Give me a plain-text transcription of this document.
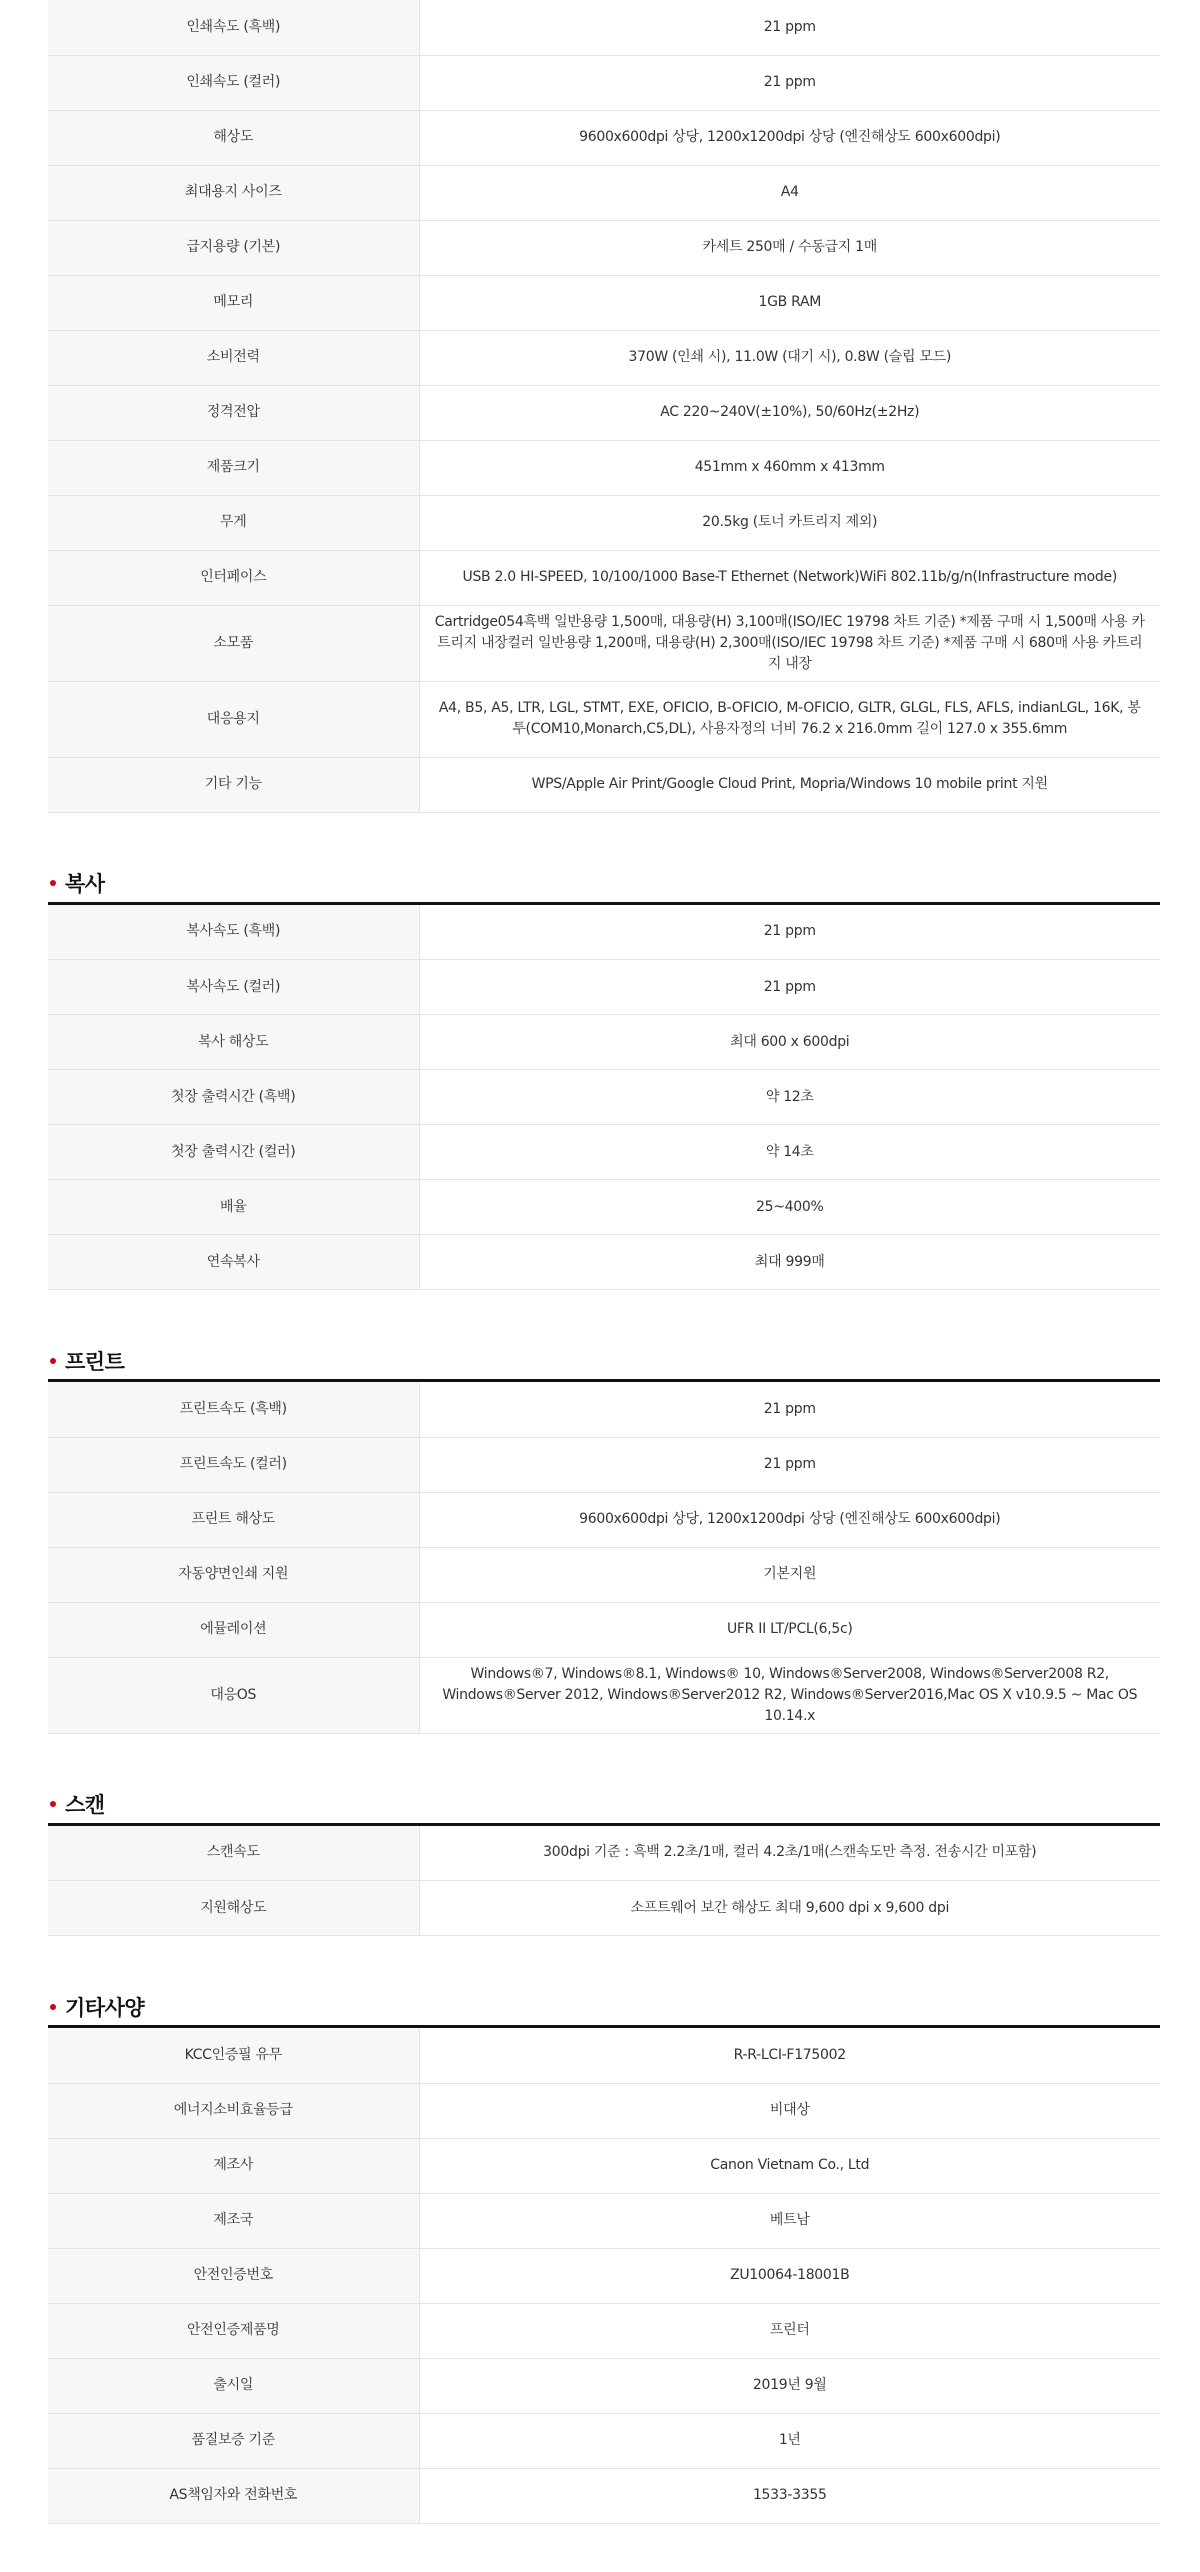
인쇄속도 (흑백)	21 ppm
인쇄속도 (컬러)	21 ppm
해상도	9600x600dpi 상당, 1200x1200dpi 상당 (엔진해상도 600x600dpi)
최대용지 사이즈	A4
급지용량 (기본)	카세트 250매 / 수동급지 1매
메모리	1GB RAM
소비전력	370W (인쇄 시), 11.0W (대기 시), 0.8W (슬립 모드)
정격전압	AC 220~240V(±10%), 50/60Hz(±2Hz)
제품크기	451mm x 460mm x 413mm
무게	20.5kg (토너 카트리지 제외)
인터페이스	USB 2.0 HI-SPEED, 10/100/1000 Base-T Ethernet (Network)WiFi 802.11b/g/n(Infrastructure mode)
소모품	Cartridge054흑백 일반용량 1,500매, 대용량(H) 3,100매(ISO/IEC 19798 차트 기준) *제품 구매 시 1,500매 사용 카트리지 내장컬러 일반용량 1,200매, 대용량(H) 2,300매(ISO/IEC 19798 차트 기준) *제품 구매 시 680매 사용 카트리지 내장
대응용지	A4, B5, A5, LTR, LGL, STMT, EXE, OFICIO, B-OFICIO, M-OFICIO, GLTR, GLGL, FLS, AFLS, indianLGL, 16K, 봉투(COM10,Monarch,C5,DL), 사용자정의 너비 76.2 x 216.0mm 길이 127.0 x 355.6mm
기타 기능	WPS/Apple Air Print/Google Cloud Print, Mopria/Windows 10 mobile print 지원
복사
복사속도 (흑백)	21 ppm
복사속도 (컬러)	21 ppm
복사 해상도	최대 600 x 600dpi
첫장 출력시간 (흑백)	약 12초
첫장 출력시간 (컬러)	약 14초
배율	25~400%
연속복사	최대 999매
프린트
프린트속도 (흑백)	21 ppm
프린트속도 (컬러)	21 ppm
프린트 해상도	9600x600dpi 상당, 1200x1200dpi 상당 (엔진해상도 600x600dpi)
자동양면인쇄 지원	기본지원
에뮬레이션	UFR II LT/PCL(6,5c)
대응OS	Windows®7, Windows®8.1, Windows® 10, Windows®Server2008, Windows®Server2008 R2, Windows®Server 2012, Windows®Server2012 R2, Windows®Server2016,Mac OS X v10.9.5 ~ Mac OS 10.14.x
스캔
스캔속도	300dpi 기준 : 흑백 2.2초/1매, 컬러 4.2초/1매(스캔속도만 측정. 전송시간 미포함)
지원해상도	소프트웨어 보간 해상도 최대 9,600 dpi x 9,600 dpi
기타사양
KCC인증필 유무	R-R-LCI-F175002
에너지소비효율등급	비대상
제조사	Canon Vietnam Co., Ltd
제조국	베트남
안전인증번호	ZU10064-18001B
안전인증제품명	프린터
출시일	2019년 9월
품질보증 기준	1년
AS책임자와 전화번호	1533-3355
